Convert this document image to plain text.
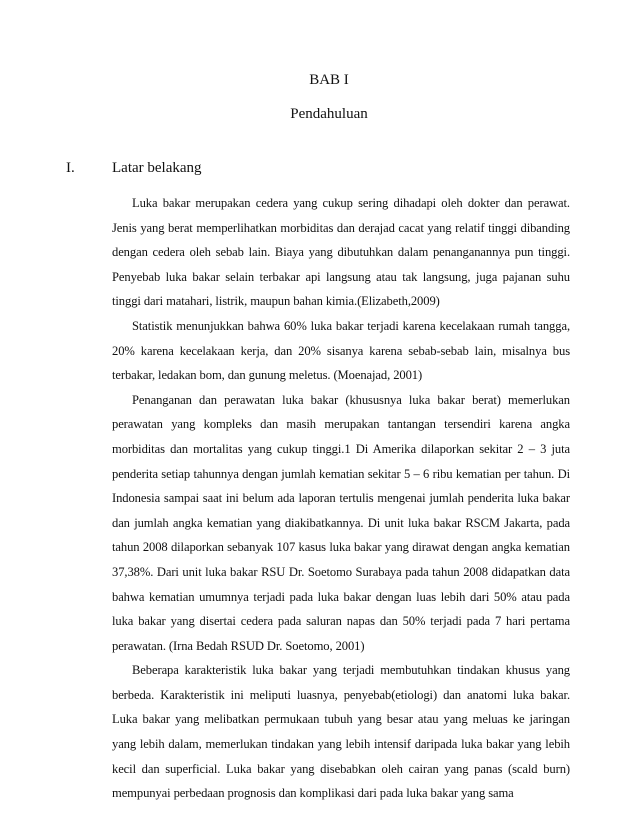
BAB I
Pendahuluan
I.	Latar belakang

Luka bakar merupakan cedera yang cukup sering dihadapi oleh dokter dan perawat. Jenis yang berat memperlihatkan morbiditas dan derajad cacat yang relatif tinggi dibanding dengan cedera oleh sebab lain. Biaya yang dibutuhkan dalam penanganannya pun tinggi. Penyebab luka bakar selain terbakar api langsung atau tak langsung, juga pajanan suhu tinggi dari matahari, listrik, maupun bahan kimia.(Elizabeth,2009)

Statistik menunjukkan bahwa 60% luka bakar terjadi karena kecelakaan rumah tangga, 20% karena kecelakaan kerja, dan 20% sisanya karena sebab-sebab lain, misalnya bus terbakar, ledakan bom, dan gunung meletus. (Moenajad, 2001)

Penanganan dan perawatan luka bakar (khususnya luka bakar berat) memerlukan perawatan yang kompleks dan masih merupakan tantangan tersendiri karena angka morbiditas dan mortalitas yang cukup tinggi.1 Di Amerika dilaporkan sekitar 2 – 3 juta penderita setiap tahunnya dengan jumlah kematian sekitar 5 – 6 ribu kematian per tahun. Di Indonesia sampai saat ini belum ada laporan tertulis mengenai jumlah penderita luka bakar dan jumlah angka kematian yang diakibatkannya. Di unit luka bakar RSCM Jakarta, pada tahun 2008 dilaporkan sebanyak 107 kasus luka bakar yang dirawat dengan angka kematian 37,38%. Dari unit luka bakar RSU Dr. Soetomo Surabaya pada tahun 2008 didapatkan data bahwa kematian umumnya terjadi pada luka bakar dengan luas lebih dari 50% atau pada luka bakar yang disertai cedera pada saluran napas dan 50% terjadi pada 7 hari pertama perawatan. (Irna Bedah RSUD Dr. Soetomo, 2001)

Beberapa karakteristik luka bakar yang terjadi membutuhkan tindakan khusus yang berbeda. Karakteristik ini meliputi luasnya, penyebab(etiologi) dan anatomi luka bakar. Luka bakar yang melibatkan permukaan tubuh yang besar atau yang meluas ke jaringan yang lebih dalam, memerlukan tindakan yang lebih intensif daripada luka bakar yang lebih kecil dan superficial. Luka bakar yang disebabkan oleh cairan yang panas (scald burn) mempunyai perbedaan prognosis dan komplikasi dari pada luka bakar yang sama
